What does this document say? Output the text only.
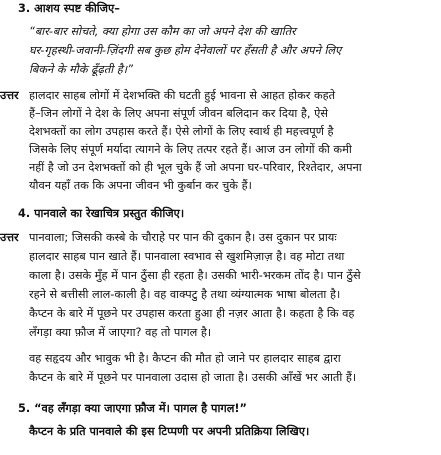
3. आशय स्पष्ट कीजिए–
“बार-बार सोचते, क्या होगा उस कौम का जो अपने देश की खातिर
घर-गृहस्थी-जवानी-ज़िंदगी सब कुछ होम देनेवालों पर हँसती है और अपने लिए
बिकने के मौके ढूँढ़ती है।”
उत्तर हालदार साहब लोगों में देशभक्ति की घटती हुई भावना से आहत होकर कहते
हैं–जिन लोगों ने देश के लिए अपना संपूर्ण जीवन बलिदान कर दिया है, ऐसे
देशभक्तों का लोग उपहास करते हैं। ऐसे लोगों के लिए स्वार्थ ही महत्त्वपूर्ण है
जिसके लिए संपूर्ण मर्यादा त्यागने के लिए तत्पर रहते हैं। आज उन लोगों की कमी
नहीं है जो उन देशभक्तों को ही भूल चुके हैं जो अपना घर-परिवार, रिश्तेदार, अपना
यौवन यहाँ तक कि अपना जीवन भी कुर्बान कर चुके हैं।
4. पानवाले का रेखाचित्र प्रस्तुत कीजिए।
उत्तर पानवाला; जिसकी कस्बे के चौराहे पर पान की दुकान है। उस दुकान पर प्रायः
हालदार साहब पान खाते हैं। पानवाला स्वभाव से खुशमिज़ाज़ है। वह मोटा तथा
काला है। उसके मुँह में पान ठुँसा ही रहता है। उसकी भारी-भरकम तोंद है। पान ठुँसे
रहने से बत्तीसी लाल-काली है। वह वाक्पटु है तथा व्यंग्यात्मक भाषा बोलता है।
कैप्टन के बारे में पूछने पर उपहास करता हुआ ही नज़र आता है। कहता है कि वह
लँगड़ा क्या फ़ौज में जाएगा? वह तो पागल है।
वह सहृदय और भावुक भी है। कैप्टन की मौत हो जाने पर हालदार साहब द्वारा
कैप्टन के बारे में पूछने पर पानवाला उदास हो जाता है। उसकी आँखें भर आती हैं।
5. “वह लँगड़ा क्या जाएगा फ़ौज में। पागल है पागल!”
कैप्टन के प्रति पानवाले की इस टिप्पणी पर अपनी प्रतिक्रिया लिखिए।
